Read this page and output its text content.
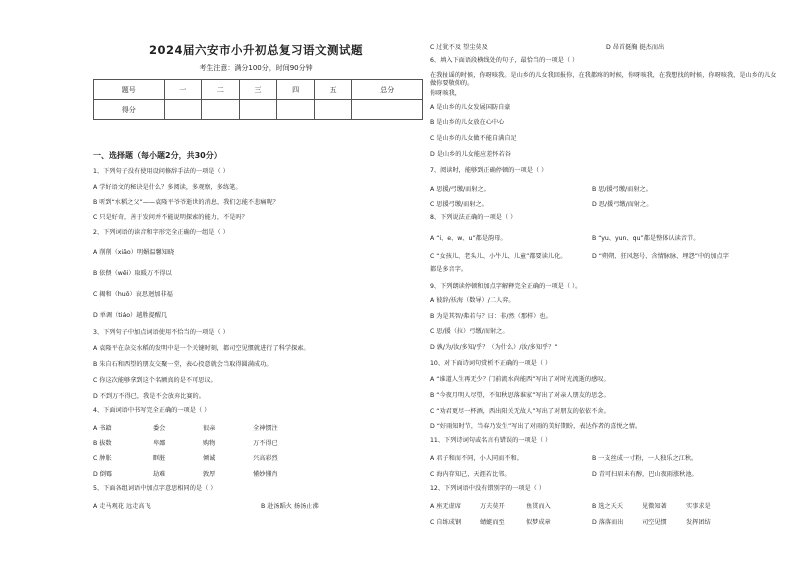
2024届六安市小升初总复习语文测试题
考生注意：满分100分，时间90分钟
题号	一	二	三	四	五	总分
得分						
一、选择题（每小题2分，共30分）
1、下列句子没有使用设问修辞手法的一项是（ ）
A 学好语文的秘诀是什么？多阅读，多观察，多练笔。
B 听到“水稻之父”——袁隆平爷爷逝世的消息，我们怎能不悲痛呢？
C 只是好奇，善于发问并不能说明探索的能力，不是吗？
2、下列词语的读音和字形完全正确的一组是（ ）
A 削削（xiāo）明媚温馨知晓
B 依偎（wēi）取暖万不得以
C 揭和（huō）哀思迥加非福
D 单调（tiáo）越胜提醒几
3、下列句子中加点词语使用不恰当的一项是（ ）
A 袁隆平在杂交水稻的发明中是一个关键时刻，都司空见惯就进行了科学探索。
B 朱自石和西望的朋友交聚一堂，表心投意就会当取得圆满成功。
C 你这次能够拿到这个名额真的是不可思议。
D 不到万不得已，我是不会放弃比赛的。
4、下面词语中书写完全正确的一项是（ ）
A 书籍	委会	很亲	全神惯注
B 拔数	卑鄙	购物	万不得已
C 肿胀	眶脏	倾诚	兴高彩烈
D 倒霉	劫难	敦厚	懂妙懂肖
5、下面各组词语中加点字意思相同的是（ ）
A 走马观花 远走高飞	B 赴汤蹈火 扬汤止沸
C 过犹不及 望尘莫及	D 昂首挺胸 挺杰而出
6、填入下面语段横线处的句子，最恰当的一项是（ ）
在我扯谣的时候，你呀咳我。是山乡的儿女我回报你，在我都疼的时候，你呀咳我，在我想找的时候，你呀咳我，是山乡的儿女做你要敬仰的。
你呀咳我，
A 是山乡的儿女发展国防自豪
B 是山乡的儿女放在心中心
C 是山乡的儿女做不能自满自足
D 是山乡的儿女能应差怀若谷
7、阅读时，能够到正确停顿的一项是（ ）
A 思援/弓缴/而射之。	B 思/援弓缴/而射之。
C 思援弓缴/而射之。	D 思/援弓缴/而射之。
8、下列说法正确的一项是（ ）
A “i、e、w、u”都是韵母。	B “yu、yun、qu”都是整体认读音节。
C “女孩儿、老头儿、小牛儿、儿童”都要读儿化。	D “朔朔、狂风怒号、含情脉脉、埋怨”中的加点字
都是多音字。
9、下列朗读停顿和加点字解释完全正确的一项是（ ）。
A 彼辞/袄海（数导）/二人弈。
B 为是其智/弗若与？曰：非/然（那样）也。
C 思/援（拉）弓缴/而射之。
D 孰/为/汝/多知/乎？（为什么）/汝/多知乎？”
10、对下面诗词句赏析不正确的一项是（ ）
A “谁道人生再无少？门前流水尚能西”写出了对时光流逝的感叹。
B “今夜月明人尽望，不知秋思落谁家”写出了对亲人朋友的思念。
C “劝君更尽一杯酒，西出阳关无故人”写出了对朋友的依依不舍。
D “好雨知时节，当春乃发生”写出了对雨的美好期盼，表达作者的喜悦之情。
11、下列诗词句或名言有错误的一项是（ ）
A 君子和而不同，小人同而不和。	B 一支丝成一寸粉，一人独乐之江秋。
C 海内存知己，天涯若比邻。	D 青可扫眉未有醇，巴山夜雨涨秋池。
12、下列词语中没有错别字的一项是（ ）
A 座无虚席	万夫莫开	鱼贯而入	B 选之夭夭	见微知著	实事求是
C 自练成钢	蜻蜓而至	似梦成章	D 落落而出	司空见惯	发挥团结
